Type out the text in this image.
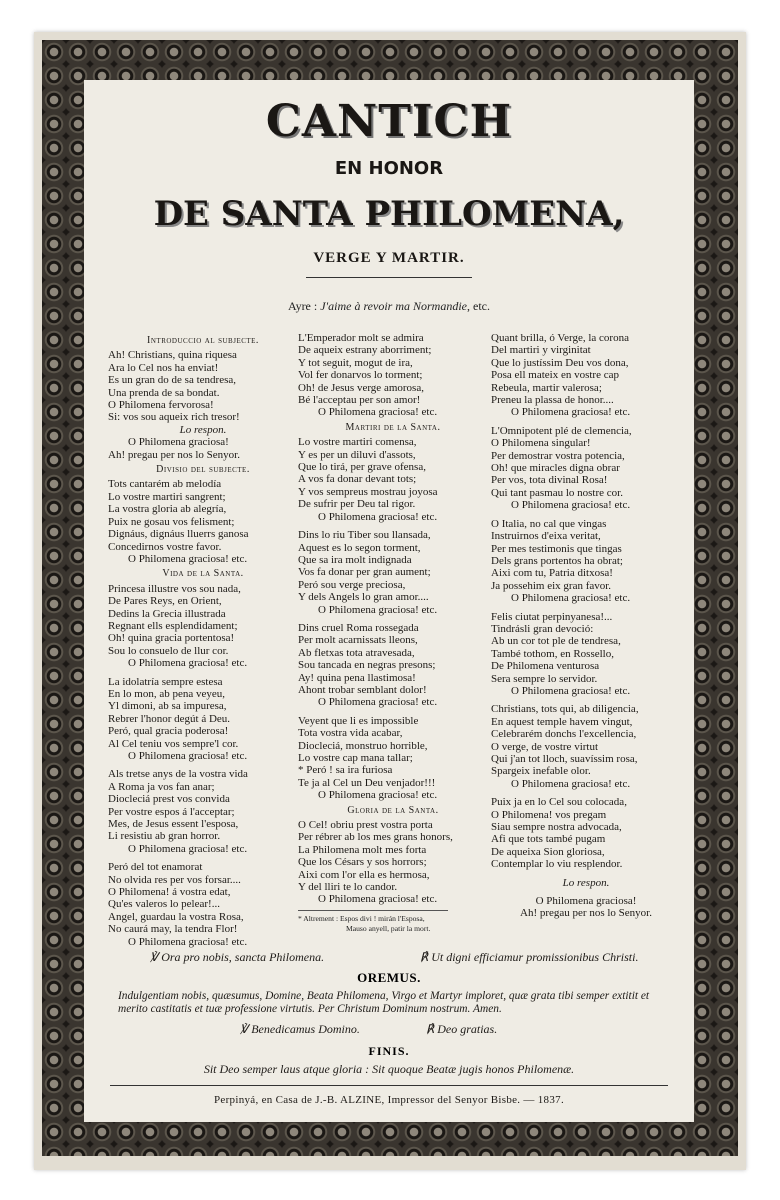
CANTICH
EN HONOR
DE SANTA PHILOMENA,
VERGE Y MARTIR.
Ayre : J'aime à revoir ma Normandie, etc.
Introduccio al subjecte.
Ah! Christians, quina riquesa
Ara lo Cel nos ha enviat!
Es un gran do de sa tendresa,
Una prenda de sa bondat.
O Philomena fervorosa!
Si: vos sou aqueix rich tresor!
Lo respon.
O Philomena graciosa!
Ah! pregau per nos lo Senyor.
Divisio del subjecte.
Tots cantarém ab melodía
Lo vostre martiri sangrent;
La vostra gloria ab alegría,
Puix ne gosau vos felisment;
Dignáus, dignáus lluerrs ganosa
Concedirnos vostre favor.
O Philomena graciosa! etc.
Vida de la Santa.
Princesa illustre vos sou nada,
De Pares Reys, en Orient,
Dedins la Grecia illustrada
Regnant ells esplendidament;
Oh! quina gracia portentosa!
Sou lo consuelo de llur cor.
O Philomena graciosa! etc.
La idolatría sempre estesa
En lo mon, ab pena veyeu,
Yl dimoni, ab sa impuresa,
Rebrer l'honor degút á Deu.
Peró, qual gracia poderosa!
Al Cel teniu vos sempre'l cor.
O Philomena graciosa! etc.
Als tretse anys de la vostra vida
A Roma ja vos fan anar;
Diocleciá prest vos convida
Per vostre espos á l'acceptar;
Mes, de Jesus essent l'esposa,
Li resistiu ab gran horror.
O Philomena graciosa! etc.
Peró del tot enamorat
No olvida res per vos forsar....
O Philomena! á vostra edat,
Qu'es valeros lo pelear!...
Angel, guardau la vostra Rosa,
No caurá may, la tendra Flor!
O Philomena graciosa! etc.
L'Emperador molt se admira
De aqueix estrany aborriment;
Y tot seguit, mogut de ira,
Vol fer donarvos lo torment;
Oh! de Jesus verge amorosa,
Bé l'acceptau per son amor!
O Philomena graciosa! etc.
Martiri de la Santa.
Lo vostre martiri comensa,
Y es per un diluvi d'assots,
Que lo tirá, per grave ofensa,
A vos fa donar devant tots;
Y vos sempreus mostrau joyosa
De sufrir per Deu tal rigor.
O Philomena graciosa! etc.
Dins lo riu Tiber sou llansada,
Aquest es lo segon torment,
Que sa ira molt indignada
Vos fa donar per gran aument;
Peró sou verge preciosa,
Y dels Angels lo gran amor....
O Philomena graciosa! etc.
Dins cruel Roma rossegada
Per molt acarnissats lleons,
Ab fletxas tota atravesada,
Sou tancada en negras presons;
Ay! quina pena llastimosa!
Ahont trobar semblant dolor!
O Philomena graciosa! etc.
Veyent que li es impossible
Tota vostra vida acabar,
Diocleciá, monstruo horrible,
Lo vostre cap mana tallar;
* Peró ! sa ira furiosa
Te ja al Cel un Deu venjador!!!
O Philomena graciosa! etc.
Gloria de la Santa.
O Cel! obriu prest vostra porta
Per rébrer ab los mes grans honors,
La Philomena molt mes forta
Que los Césars y sos horrors;
Aixi com l'or ella es hermosa,
Y del lliri te lo candor.
O Philomena graciosa! etc.
Quant brilla, ó Verge, la corona
Del martiri y virginitat
Que lo justíssim Deu vos dona,
Posa ell mateix en vostre cap
Rebeula, martir valerosa;
Preneu la plassa de honor....
O Philomena graciosa! etc.
L'Omnipotent plé de clemencia,
O Philomena singular!
Per demostrar vostra potencia,
Oh! que miracles digna obrar
Per vos, tota divinal Rosa!
Qui tant pasmau lo nostre cor.
O Philomena graciosa! etc.
O Italia, no cal que vingas
Instruirnos d'eixa veritat,
Per mes testimonis que tingas
Dels grans portentos ha obrat;
Aixi com tu, Patria ditxosa!
Ja possehim eix gran favor.
O Philomena graciosa! etc.
Felis ciutat perpinyanesa!...
Tindrásli gran devoció:
Ab un cor tot ple de tendresa,
També tothom, en Rossello,
De Philomena venturosa
Sera sempre lo servidor.
O Philomena graciosa! etc.
Christians, tots qui, ab diligencia,
En aquest temple havem vingut,
Celebrarém donchs l'excellencia,
O verge, de vostre virtut
Qui j'an tot lloch, suavíssim rosa,
Spargeix inefable olor.
O Philomena graciosa! etc.
Puix ja en lo Cel sou colocada,
O Philomena! vos pregam
Siau sempre nostra advocada,
Afi que tots també pugam
De aqueixa Sion gloriosa,
Contemplar lo viu resplendor.
Lo respon.
O Philomena graciosa!
Ah! pregau per nos lo Senyor.
* Altrement : Espos divi ! mirán l'Esposa,
Mauso anyell, patir la mort.
℣ Ora pro nobis, sancta Philomena.	℟ Ut digni efficiamur promissionibus Christi.
OREMUS.
Indulgentiam nobis, quæsumus, Domine, Beata Philomena, Virgo et Martyr imploret, quæ grata tibi semper extitit et merito castitatis et tuæ professione virtutis. Per Christum Dominum nostrum. Amen.
℣ Benedicamus Domino.	℟ Deo gratias.
FINIS.
Sit Deo semper laus atque gloria : Sit quoque Beatæ jugis honos Philomenæ.
Perpinyá, en Casa de J.-B. ALZINE, Impressor del Senyor Bisbe. — 1837.
